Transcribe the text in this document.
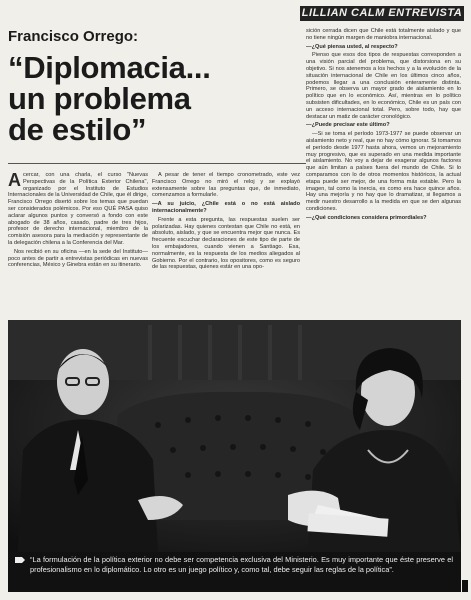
LILLIAN CALM ENTREVISTA
Francisco Orrego:
“Diplomacia...
un problema
de estilo”
A cercar, con una charla, el curso "Nuevas Perspectivas de la Política Exterior Chilena", organizado por el Instituto de Estudios Internacionales de la Universidad de Chile, que él dirige, Francisco Orrego disertó sobre los temas que puedan ser considerados polémicos. Por eso QUÉ PASA quiso aclarar algunos puntos y conversó a fondo con este abogado de 38 años, casado, padre de tres hijos, profesor de derecho internacional, miembro de la comisión asesora para la mediación y representante de la delegación chilena a la Conferencia del Mar.

Nos recibió en su oficina —en la sede del Instituto— poco antes de partir a entrevistas periódicas en nuevas conferencias, México y Ginebra están en su itinerario.

A pesar de tener el tiempo cronometrado, este vez Francisco Orrego no miró el reloj y se explayó extensamente sobre las preguntas que, de inmediato, comenzamos a formularle.

—A su juicio, ¿Chile está o no está aislado internacionalmente?

Frente a esta pregunta, las respuestas suelen ser polarizadas. Hay quienes contestan que Chile no está, en absoluto, aislado, y que se encuentra mejor que nunca. Es frecuente escuchar declaraciones de este tipo de parte de los embajadores, cuando vienen a Santiago. Esa, normalmente, es la respuesta de los medios aliegados al Gobierno. Por el contrario, los opositores, como es seguro de las respuestas, quienes estár en una opo-

sición cerrada dicen que Chile está totalmente aislado y que no tiene ningún margen de maniobra internacional.

—¿Qué piensa usted, al respecto?

Pienso que esos dos tipos de respuestas corresponden a una visión parcial del problema, que distorsiona en su objetivo. Si nos atenemos a los hechos y a la evolución de la situación internacional de Chile en los últimos cinco años, podemos llegar a una conclusión enteramente distinta. Primero, se observa un mayor grado de aislamiento en lo político que en lo económico. Así, mientras en lo político subsisten dificultades, en lo económico, Chile es un país con un acceso internacional total. Pero, sobre todo, hay que destacar un matiz de carácter cronológico.

—¿Puede precisar este último?

—Si se toma el período 1973-1977 se puede observar un aislamiento neto y real, que no hay cómo ignorar. Si tomamos el período desde 1977 hasta ahora, vemos un mejoramiento muy progresivo, que es superado en una medida importante el aislamiento. No voy a dejar de exagerar algunos factores que aún limitan a países fuera del mundo de Chile. Si lo comparamos con lo de otros momentos históricos, la actual etapa puede ser mejor, de una forma más estable. Pero la imagen, tal como la inercia, es como era hace quince años. Hay una mejoría y no hay que lo dramatizar, si llegamos a medir nuestro desarrollo a la medida en que se den algunas condiciones.

—¿Qué condiciones considera primordiales?

“La formulación de la política exterior no debe ser competencia exclusiva del Ministerio. Es muy importante que éste preserve el profesionalismo en lo diplomático. Lo otro es un juego político y, como tal, debe seguir las reglas de la política”.
